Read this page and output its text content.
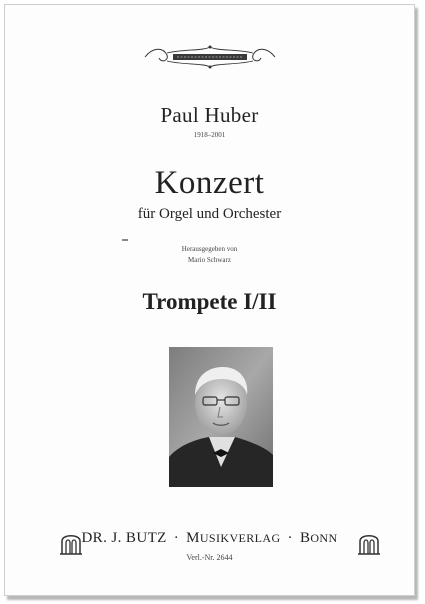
Paul Huber
1918–2001
Konzert
für Orgel und Orchester
Herausgegeben von
Mario Schwarz
Trompete I/II
DR. J. BUTZ · MUSIKVERLAG · BONN
Verl.-Nr. 2644
